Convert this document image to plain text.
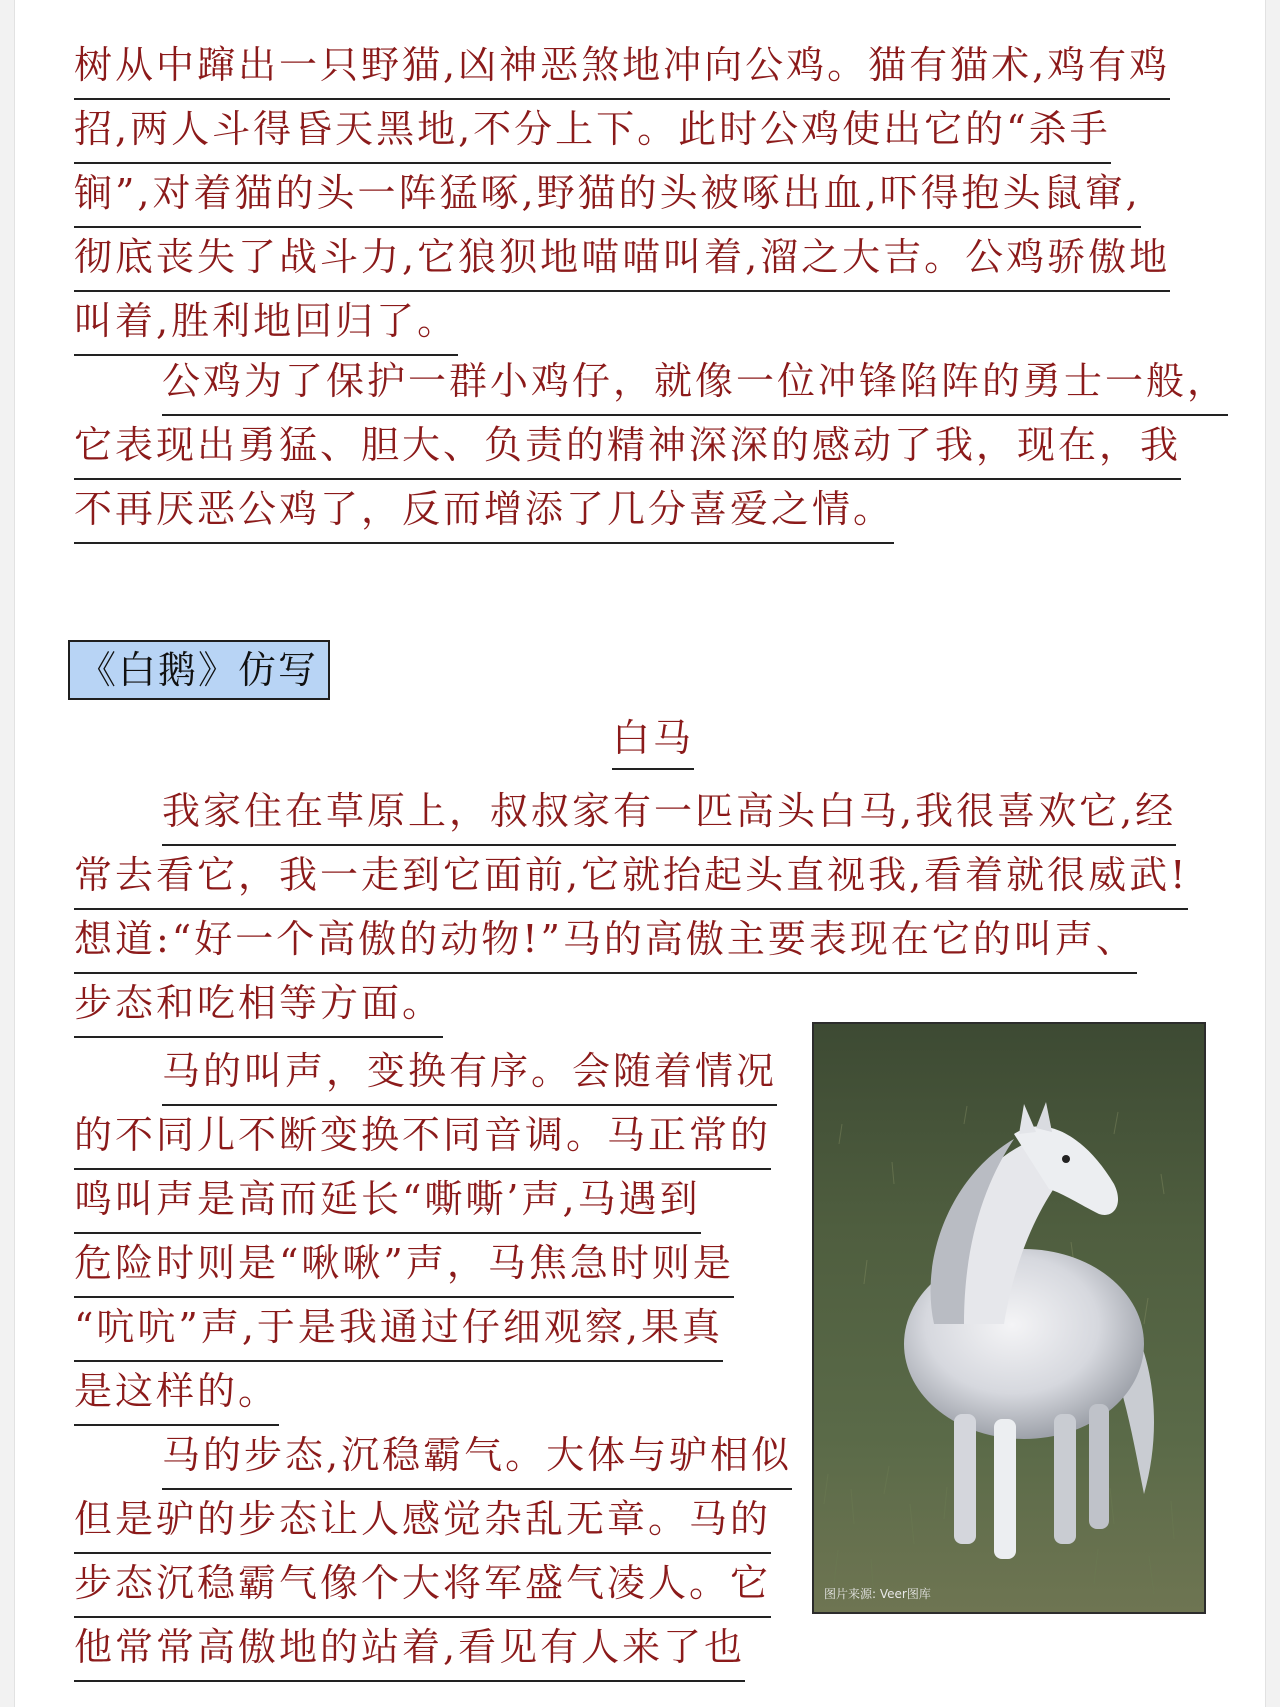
树从中蹿出一只野猫,凶神恶煞地冲向公鸡。猫有猫术,鸡有鸡
招,两人斗得昏天黑地,不分上下。此时公鸡使出它的“杀手
锏”,对着猫的头一阵猛啄,野猫的头被啄出血,吓得抱头鼠窜,
彻底丧失了战斗力,它狼狈地喵喵叫着,溜之大吉。公鸡骄傲地
叫着,胜利地回归了。
公鸡为了保护一群小鸡仔，就像一位冲锋陷阵的勇士一般，
它表现出勇猛、胆大、负责的精神深深的感动了我，现在，我
不再厌恶公鸡了，反而增添了几分喜爱之情。
《白鹅》仿写
白马
我家住在草原上，叔叔家有一匹高头白马,我很喜欢它,经
常去看它，我一走到它面前,它就抬起头直视我,看着就很威武!
想道:“好一个高傲的动物!”马的高傲主要表现在它的叫声、
步态和吃相等方面。
马的叫声，变换有序。会随着情况
的不同儿不断变换不同音调。马正常的
鸣叫声是高而延长“嘶嘶’声,马遇到
危险时则是“啾啾”声，马焦急时则是
“吭吭”声,于是我通过仔细观察,果真
是这样的。
马的步态,沉稳霸气。大体与驴相似
但是驴的步态让人感觉杂乱无章。马的
步态沉稳霸气像个大将军盛气凌人。它
他常常高傲地的站着,看见有人来了也
图片来源: Veer图库
